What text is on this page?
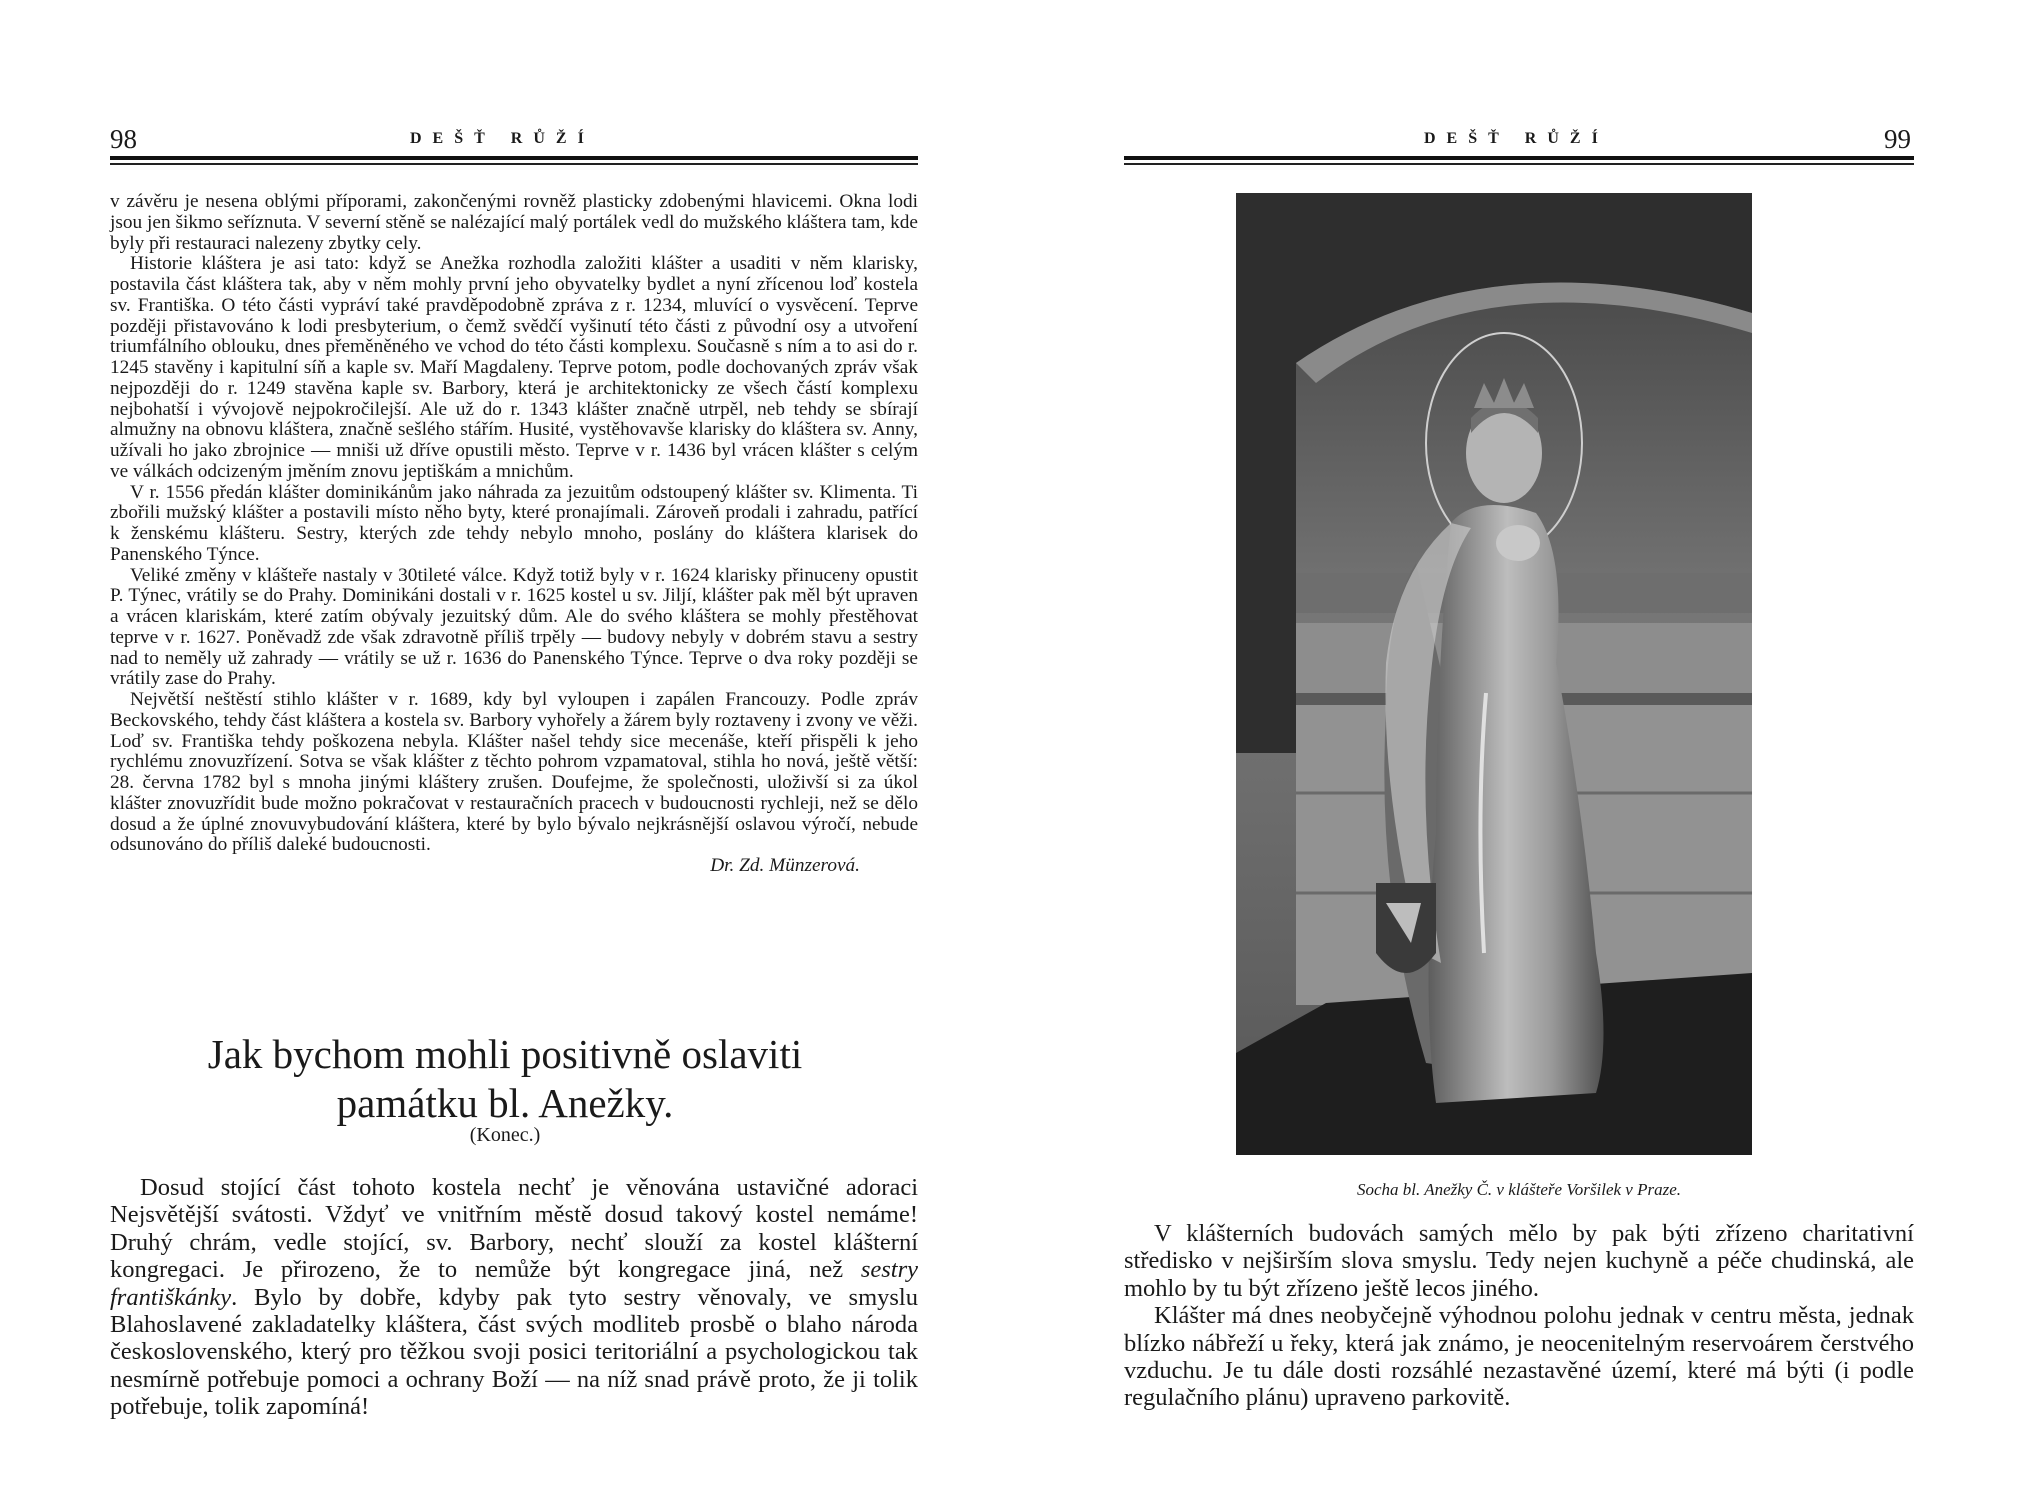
98	DEŠŤ RŮŽÍ

v závěru je nesena oblými příporami, zakončenými rovněž plasticky zdobenými hlavicemi. Okna lodi jsou jen šikmo seříznuta. V severní stěně se nalézající malý portálek vedl do mužského kláštera tam, kde byly při restauraci nalezeny zbytky cely.

Historie kláštera je asi tato: když se Anežka rozhodla založiti klášter a usaditi v něm klarisky, postavila část kláštera tak, aby v něm mohly první jeho obyvatelky bydlet a nyní zřícenou loď kostela sv. Františka. O této části vypráví také pravděpodobně zpráva z r. 1234, mluvící o vysvěcení. Teprve později přistavováno k lodi presbyterium, o čemž svědčí vyšinutí této části z původní osy a utvoření triumfálního oblouku, dnes přeměněného ve vchod do této části komplexu. Současně s ním a to asi do r. 1245 stavěny i kapitulní síň a kaple sv. Maří Magdaleny. Teprve potom, podle dochovaných zpráv však nejpozději do r. 1249 stavěna kaple sv. Barbory, která je architektonicky ze všech částí komplexu nejbohatší i vývojově nejpokročilejší. Ale už do r. 1343 klášter značně utrpěl, neb tehdy se sbírají almužny na obnovu kláštera, značně sešlého stářím. Husité, vystěhovavše klarisky do kláštera sv. Anny, užívali ho jako zbrojnice — mniši už dříve opustili město. Teprve v r. 1436 byl vrácen klášter s celým ve válkách odcizeným jměním znovu jeptiškám a mnichům.

V r. 1556 předán klášter dominikánům jako náhrada za jezuitům odstoupený klášter sv. Klimenta. Ti zbořili mužský klášter a postavili místo něho byty, které pronajímali. Zároveň prodali i zahradu, patřící k ženskému klášteru. Sestry, kterých zde tehdy nebylo mnoho, poslány do kláštera klarisek do Panenského Týnce.

Veliké změny v klášteře nastaly v 30tileté válce. Když totiž byly v r. 1624 klarisky přinuceny opustit P. Týnec, vrátily se do Prahy. Dominikáni dostali v r. 1625 kostel u sv. Jiljí, klášter pak měl být upraven a vrácen klariskám, které zatím obývaly jezuitský dům. Ale do svého kláštera se mohly přestěhovat teprve v r. 1627. Poněvadž zde však zdravotně příliš trpěly — budovy nebyly v dobrém stavu a sestry nad to neměly už zahrady — vrátily se už r. 1636 do Panenského Týnce. Teprve o dva roky později se vrátily zase do Prahy.

Největší neštěstí stihlo klášter v r. 1689, kdy byl vyloupen i zapálen Francouzy. Podle zpráv Beckovského, tehdy část kláštera a kostela sv. Barbory vyhořely a žárem byly roztaveny i zvony ve věži. Loď sv. Františka tehdy poškozena nebyla. Klášter našel tehdy sice mecenáše, kteří přispěli k jeho rychlému znovuzřízení. Sotva se však klášter z těchto pohrom vzpamatoval, stihla ho nová, ještě větší: 28. června 1782 byl s mnoha jinými kláštery zrušen. Doufejme, že společnosti, uloživší si za úkol klášter znovuzřídit bude možno pokračovat v restauračních pracech v budoucnosti rychleji, než se dělo dosud a že úplné znovuvybudování kláštera, které by bylo bývalo nejkrásnější oslavou výročí, nebude odsunováno do příliš daleké budoucnosti.

Dr. Zd. Münzerová.
Jak bychom mohli positivně oslaviti
památku bl. Anežky.
(Konec.)

Dosud stojící část tohoto kostela nechť je věnována ustavičné adoraci Nejsvětější svátosti. Vždyť ve vnitřním městě dosud takový kostel nemáme! Druhý chrám, vedle stojící, sv. Barbory, nechť slouží za kostel klášterní kongregaci. Je přirozeno, že to nemůže být kongregace jiná, než sestry františkánky. Bylo by dobře, kdyby pak tyto sestry věnovaly, ve smyslu Blahoslavené zakladatelky kláštera, část svých modliteb prosbě o blaho národa československého, který pro těžkou svoji posici teritoriální a psychologickou tak nesmírně potřebuje pomoci a ochrany Boží — na níž snad právě proto, že ji tolik potřebuje, tolik zapomíná!

DEŠŤ RŮŽÍ	99
Socha bl. Anežky Č. v klášteře Voršilek v Praze.

V klášterních budovách samých mělo by pak býti zřízeno charitativní středisko v nejširším slova smyslu. Tedy nejen kuchyně a péče chudinská, ale mohlo by tu být zřízeno ještě lecos jiného.

Klášter má dnes neobyčejně výhodnou polohu jednak v centru města, jednak blízko nábřeží u řeky, která jak známo, je neocenitelným reservoárem čerstvého vzduchu. Je tu dále dosti rozsáhlé nezastavěné území, které má býti (i podle regulačního plánu) upraveno parkovitě.
